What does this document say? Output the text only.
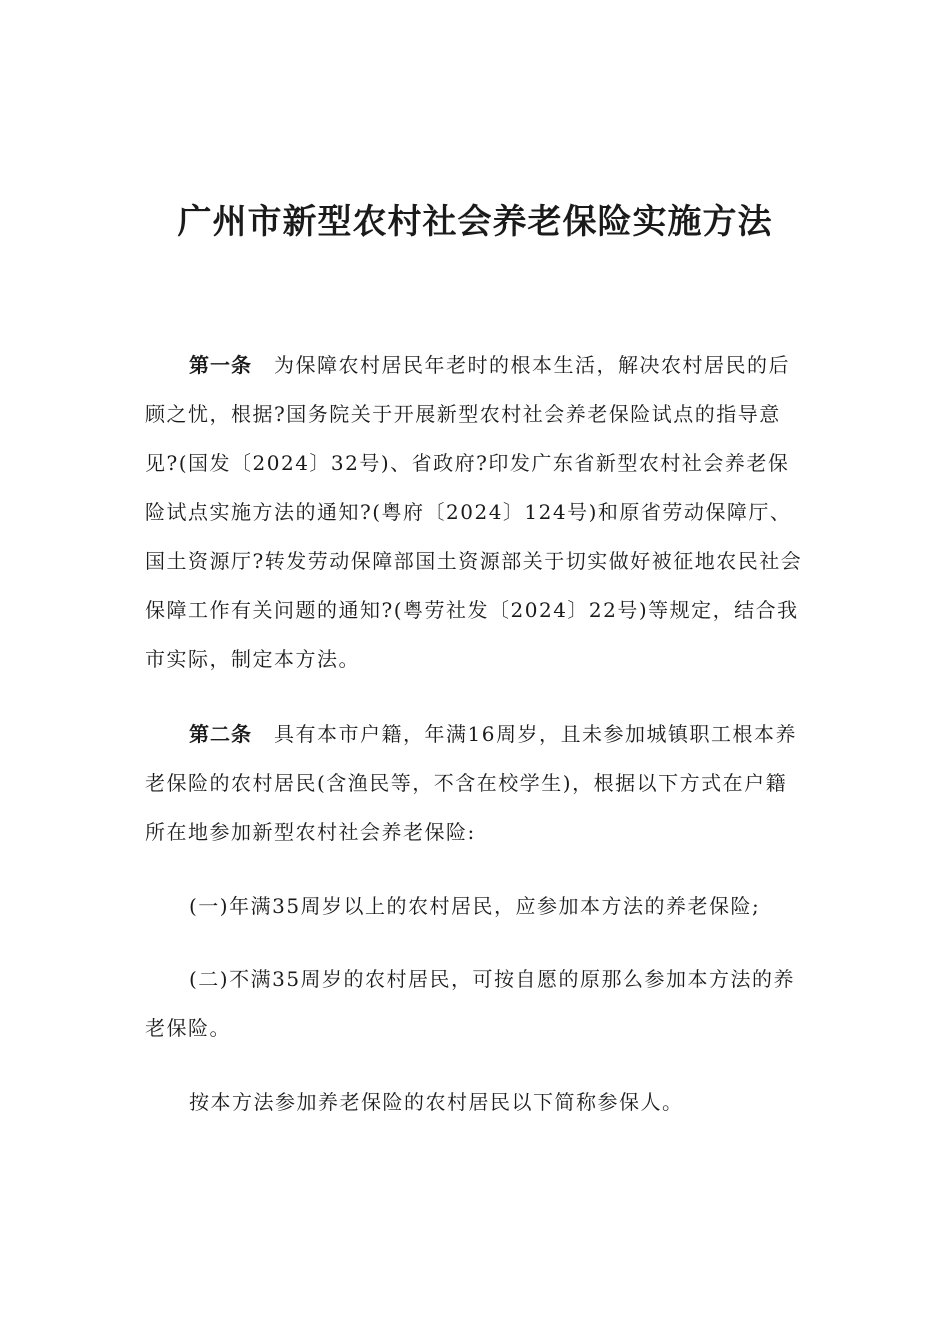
广州市新型农村社会养老保险实施方法

第一条 为保障农村居民年老时的根本生活，解决农村居民的后顾之忧，根据?国务院关于开展新型农村社会养老保险试点的指导意见?(国发〔2024〕32号)、省政府?印发广东省新型农村社会养老保险试点实施方法的通知?(粤府〔2024〕124号)和原省劳动保障厅、国土资源厅?转发劳动保障部国土资源部关于切实做好被征地农民社会保障工作有关问题的通知?(粤劳社发〔2024〕22号)等规定，结合我市实际，制定本方法。

第二条 具有本市户籍，年满16周岁，且未参加城镇职工根本养老保险的农村居民(含渔民等，不含在校学生)，根据以下方式在户籍所在地参加新型农村社会养老保险:

(一)年满35周岁以上的农村居民，应参加本方法的养老保险;

(二)不满35周岁的农村居民，可按自愿的原那么参加本方法的养老保险。

按本方法参加养老保险的农村居民以下简称参保人。
